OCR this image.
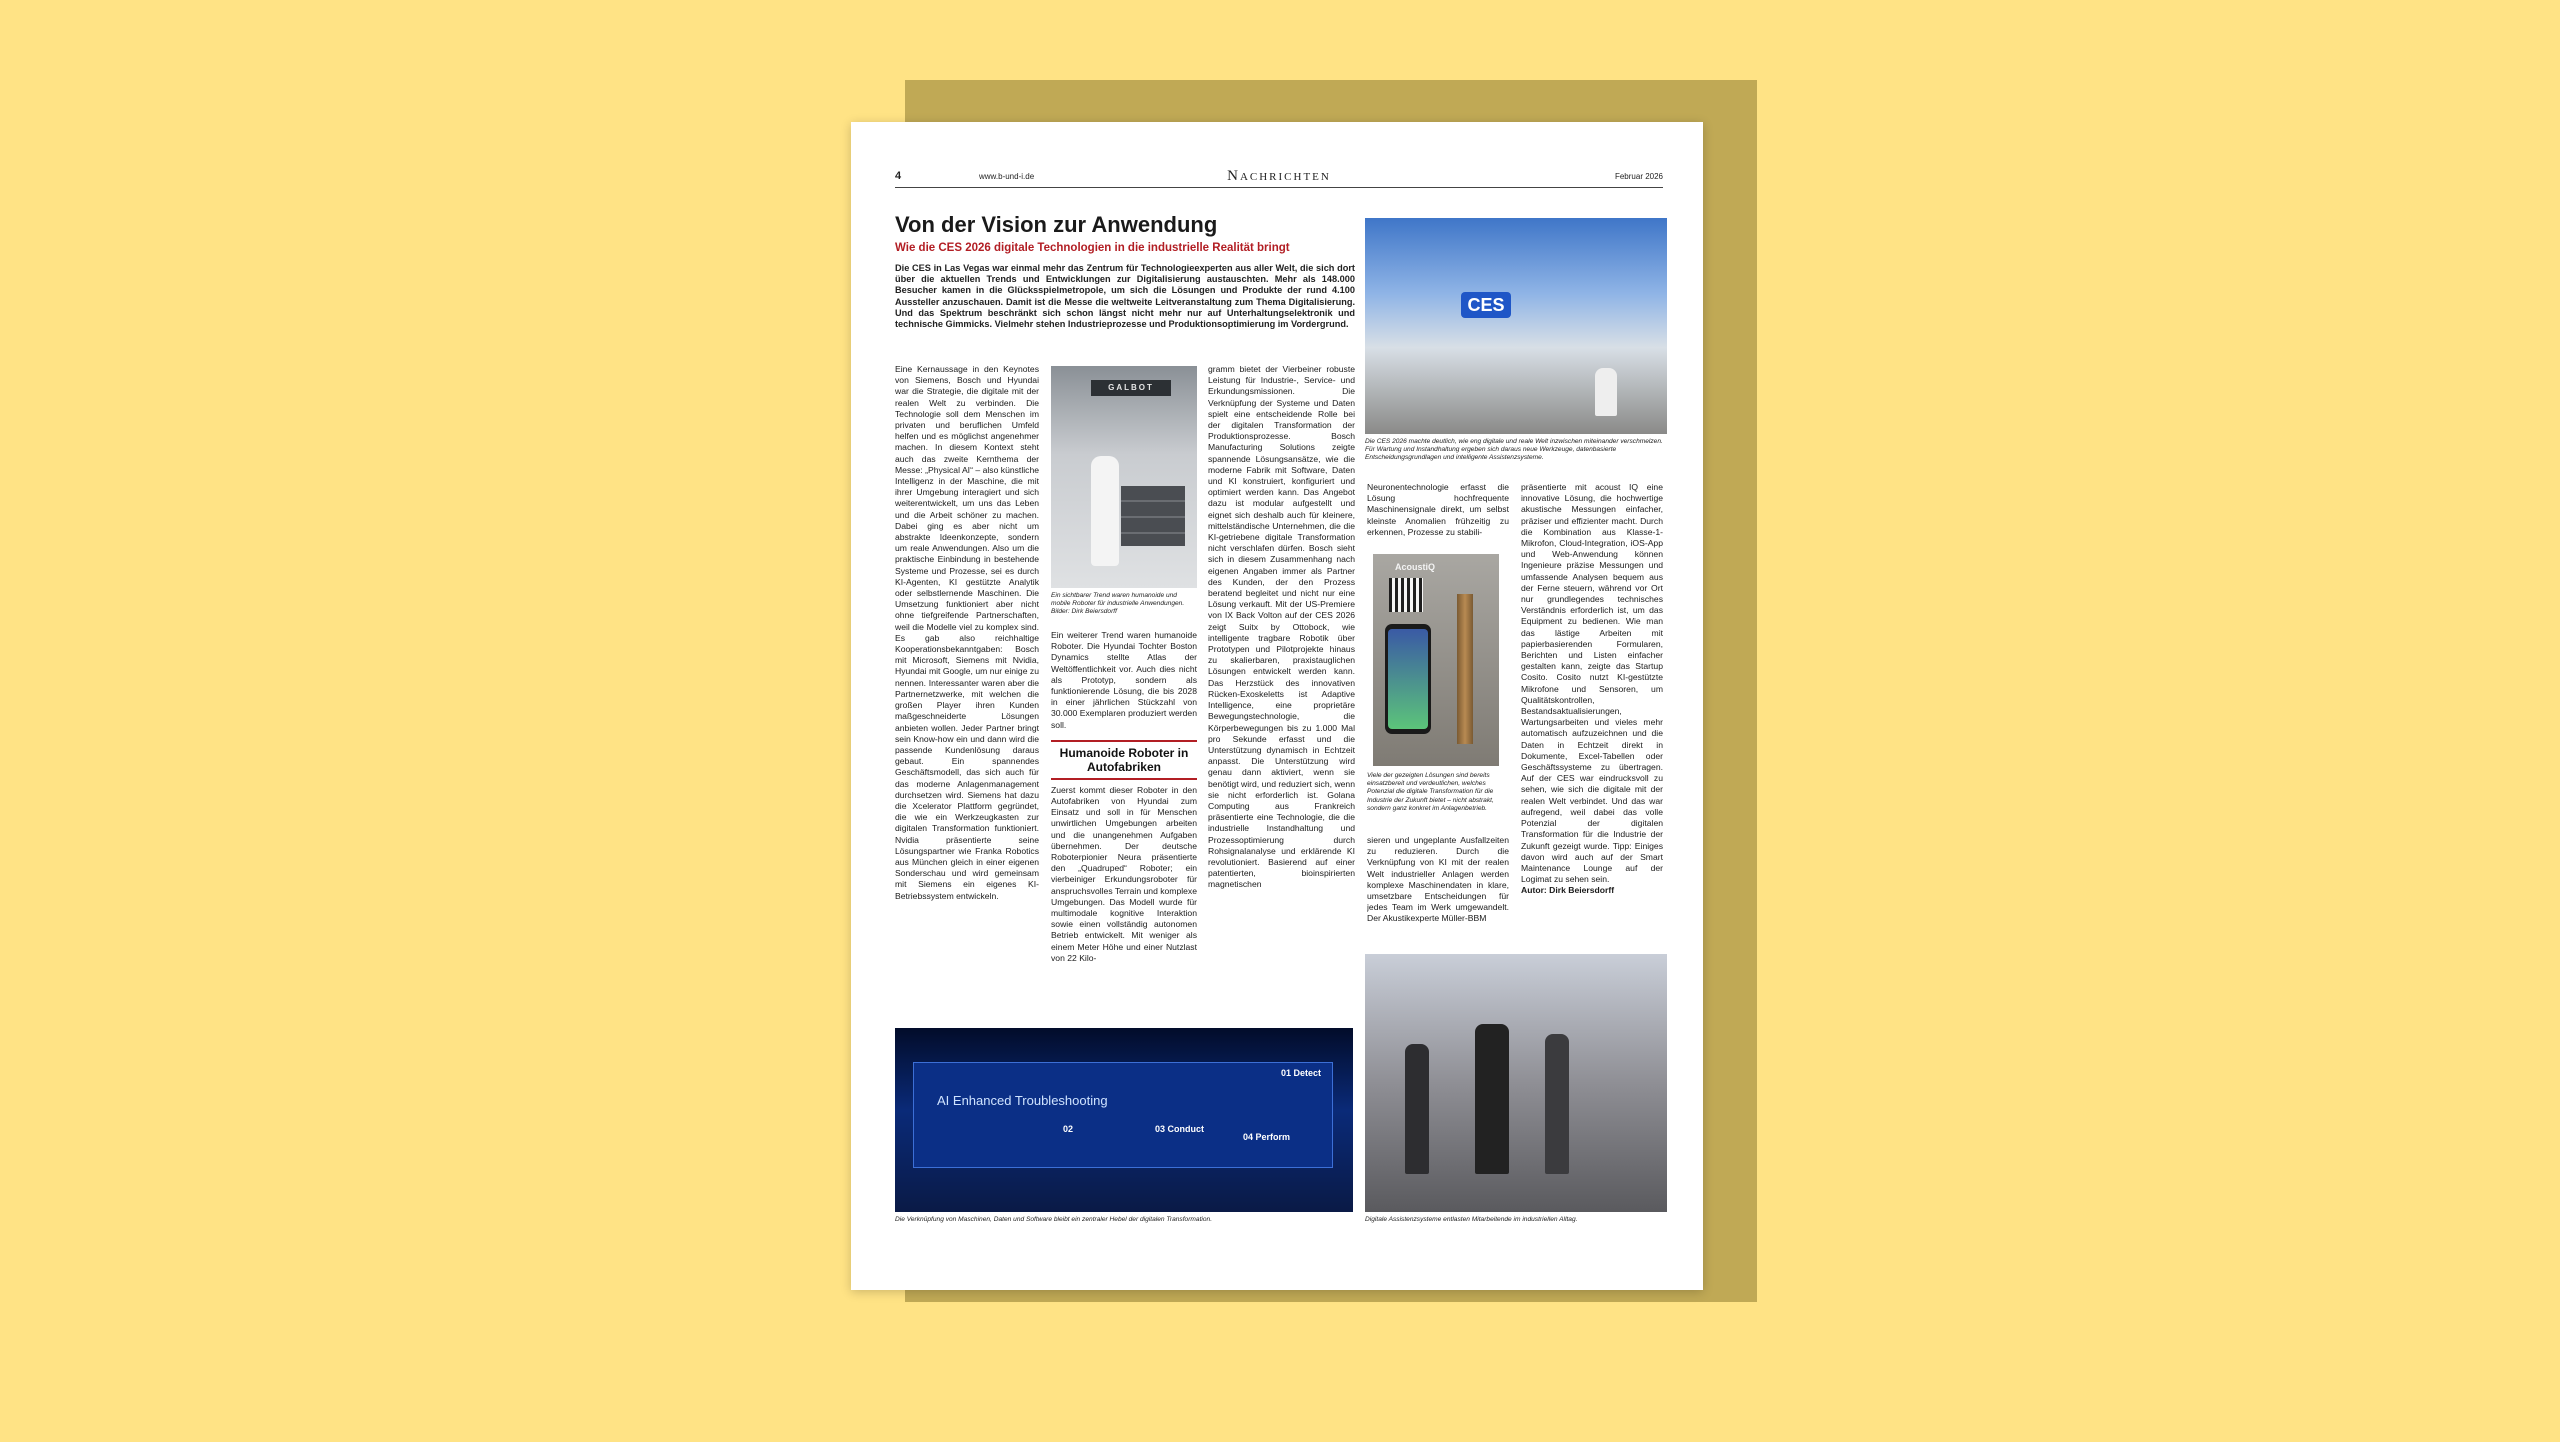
4	www.b-und-i.de	Nachrichten	Februar 2026
Von der Vision zur Anwendung
Wie die CES 2026 digitale Technologien in die industrielle Realität bringt
Die CES in Las Vegas war einmal mehr das Zentrum für Technologieexperten aus aller Welt, die sich dort über die aktuellen Trends und Entwicklungen zur Digitalisierung austauschten. Mehr als 148.000 Besucher kamen in die Glücksspielmetropole, um sich die Lösungen und Produkte der rund 4.100 Aussteller anzuschauen. Damit ist die Messe die weltweite Leitveranstaltung zum Thema Digitalisierung. Und das Spektrum beschränkt sich schon längst nicht mehr nur auf Unterhaltungselektronik und technische Gimmicks. Vielmehr stehen Industrieprozesse und Produktionsoptimierung im Vordergrund.
Eine Kernaussage in den Keynotes von Siemens, Bosch und Hyundai war die Strategie, die digitale mit der realen Welt zu verbinden. Die Technologie soll dem Menschen im privaten und beruflichen Umfeld helfen und es möglichst angenehmer machen. In diesem Kontext steht auch das zweite Kernthema der Messe: „Physical AI“ – also künstliche Intelligenz in der Maschine, die mit ihrer Umgebung interagiert und sich weiterentwickelt, um uns das Leben und die Arbeit schöner zu machen. Dabei ging es aber nicht um abstrakte Ideenkonzepte, sondern um reale Anwendungen. Also um die praktische Einbindung in bestehende Systeme und Prozesse, sei es durch KI-Agenten, KI gestützte Analytik oder selbstlernende Maschinen. Die Umsetzung funktioniert aber nicht ohne tiefgreifende Partnerschaften, weil die Modelle viel zu komplex sind. Es gab also reichhaltige Kooperationsbekanntgaben: Bosch mit Microsoft, Siemens mit Nvidia, Hyundai mit Google, um nur einige zu nennen. Interessanter waren aber die Partnernetzwerke, mit welchen die großen Player ihren Kunden maßgeschneiderte Lösungen anbieten wollen. Jeder Partner bringt sein Know-how ein und dann wird die passende Kundenlösung daraus gebaut. Ein spannendes Geschäftsmodell, das sich auch für das moderne Anlagenmanagement durchsetzen wird. Siemens hat dazu die Xcelerator Plattform gegründet, die wie ein Werkzeugkasten zur digitalen Transformation funktioniert. Nvidia präsentierte seine Lösungspartner wie Franka Robotics aus München gleich in einer eigenen Sonderschau und wird gemeinsam mit Siemens ein eigenes KI-Betriebssystem entwickeln.
GALBOT
Ein sichtbarer Trend waren humanoide und mobile Roboter für industrielle Anwendungen. Bilder: Dirk Beiersdorff

Ein weiterer Trend waren humanoide Roboter. Die Hyundai Tochter Boston Dynamics stellte Atlas der Weltöffentlichkeit vor. Auch dies nicht als Prototyp, sondern als funktionierende Lösung, die bis 2028 in einer jährlichen Stückzahl von 30.000 Exemplaren produziert werden soll.

Zuerst kommt dieser Roboter in den Autofabriken von Hyundai zum Einsatz und soll in für Menschen unwirtlichen Umgebungen arbeiten und die unangenehmen Aufgaben übernehmen. Der deutsche Roboterpionier Neura präsentierte den „Quadruped“ Roboter; ein vierbeiniger Erkundungsroboter für anspruchsvolles Terrain und komplexe Umgebungen. Das Modell wurde für multimodale kognitive Interaktion sowie einen vollständig autonomen Betrieb entwickelt. Mit weniger als einem Meter Höhe und einer Nutzlast von 22 Kilo-

Humanoide Roboter in Autofabriken
gramm bietet der Vierbeiner robuste Leistung für Industrie-, Service- und Erkundungsmissionen. Die Verknüpfung der Systeme und Daten spielt eine entscheidende Rolle bei der digitalen Transformation der Produktionsprozesse. Bosch Manufacturing Solutions zeigte spannende Lösungsansätze, wie die moderne Fabrik mit Software, Daten und KI konstruiert, konfiguriert und optimiert werden kann. Das Angebot dazu ist modular aufgestellt und eignet sich deshalb auch für kleinere, mittelständische Unternehmen, die die KI-getriebene digitale Transformation nicht verschlafen dürfen. Bosch sieht sich in diesem Zusammenhang nach eigenen Angaben immer als Partner des Kunden, der den Prozess beratend begleitet und nicht nur eine Lösung verkauft. Mit der US-Premiere von IX Back Volton auf der CES 2026 zeigt Suitx by Ottobock, wie intelligente tragbare Robotik über Prototypen und Pilotprojekte hinaus zu skalierbaren, praxistauglichen Lösungen entwickelt werden kann. Das Herzstück des innovativen Rücken-Exoskeletts ist Adaptive Intelligence, eine proprietäre Bewegungstechnologie, die Körperbewegungen bis zu 1.000 Mal pro Sekunde erfasst und die Unterstützung dynamisch in Echtzeit anpasst. Die Unterstützung wird genau dann aktiviert, wenn sie benötigt wird, und reduziert sich, wenn sie nicht erforderlich ist. Golana Computing aus Frankreich präsentierte eine Technologie, die die industrielle Instandhaltung und Prozessoptimierung durch Rohsignalanalyse und erklärende KI revolutioniert. Basierend auf einer patentierten, bioinspirierten magnetischen
CES
Die CES 2026 machte deutlich, wie eng digitale und reale Welt inzwischen miteinander verschmelzen. Für Wartung und Instandhaltung ergeben sich daraus neue Werkzeuge, datenbasierte Entscheidungsgrundlagen und intelligente Assistenzsysteme.
Neuronentechnologie erfasst die Lösung hochfrequente Maschinensignale direkt, um selbst kleinste Anomalien frühzeitig zu erkennen, Prozesse zu stabili-
AcoustiQ
Viele der gezeigten Lösungen sind bereits einsatzbereit und verdeutlichen, welches Potenzial die digitale Transformation für die Industrie der Zukunft bietet – nicht abstrakt, sondern ganz konkret im Anlagenbetrieb.
sieren und ungeplante Ausfallzeiten zu reduzieren. Durch die Verknüpfung von KI mit der realen Welt industrieller Anlagen werden komplexe Maschinendaten in klare, umsetzbare Entscheidungen für jedes Team im Werk umgewandelt. Der Akustikexperte Müller-BBM

präsentierte mit acoust IQ eine innovative Lösung, die hochwertige akustische Messungen einfacher, präziser und effizienter macht. Durch die Kombination aus Klasse-1-Mikrofon, Cloud-Integration, iOS-App und Web-Anwendung können Ingenieure präzise Messungen und umfassende Analysen bequem aus der Ferne steuern, während vor Ort nur grundlegendes technisches Verständnis erforderlich ist, um das Equipment zu bedienen. Wie man das lästige Arbeiten mit papierbasierenden Formularen, Berichten und Listen einfacher gestalten kann, zeigte das Startup Cosito. Cosito nutzt KI-gestützte Mikrofone und Sensoren, um Qualitätskontrollen, Bestandsaktualisierungen, Wartungsarbeiten und vieles mehr automatisch aufzuzeichnen und die Daten in Echtzeit direkt in Dokumente, Excel-Tabellen oder Geschäftssysteme zu übertragen. Auf der CES war eindrucksvoll zu sehen, wie sich die digitale mit der realen Welt verbindet. Und das war aufregend, weil dabei das volle Potenzial der digitalen Transformation für die Industrie der Zukunft gezeigt wurde. Tipp: Einiges davon wird auch auf der Smart Maintenance Lounge auf der Logimat zu sehen sein.

Autor: Dirk Beiersdorff

AI Enhanced Troubleshooting
01 Detect
02	03 Conduct
04 Perform
Die Verknüpfung von Maschinen, Daten und Software bleibt ein zentraler Hebel der digitalen Transformation.	Digitale Assistenzsysteme entlasten Mitarbeitende im industriellen Alltag.
